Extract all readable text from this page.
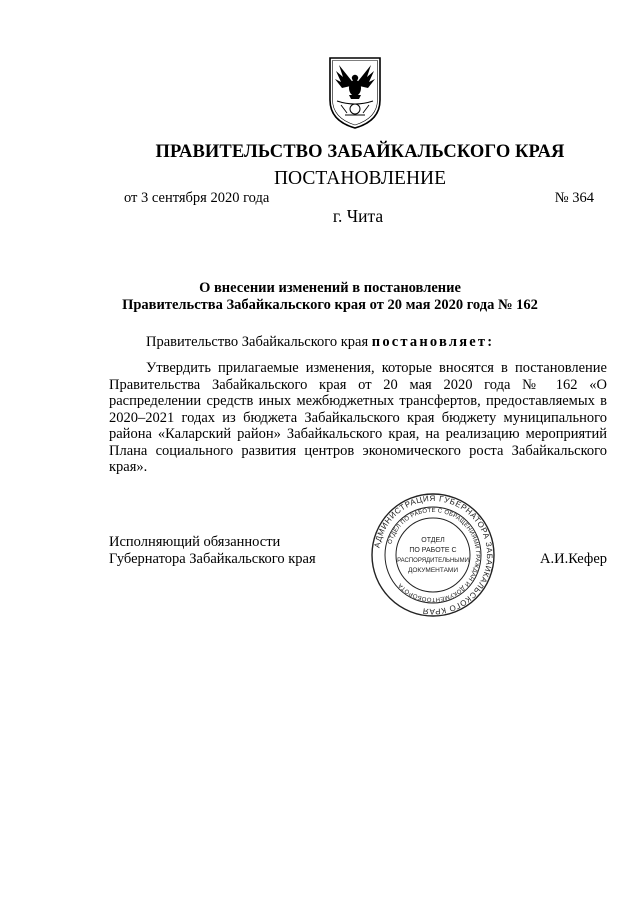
ПРАВИТЕЛЬСТВО ЗАБАЙКАЛЬСКОГО КРАЯ
ПОСТАНОВЛЕНИЕ
от 3 сентября 2020 года	№ 364
г. Чита
О внесении изменений в постановление
Правительства Забайкальского края от 20 мая 2020 года № 162
Правительство Забайкальского края постановляет:
Утвердить прилагаемые изменения, которые вносятся в постановление Правительства Забайкальского края от 20 мая 2020 года № 162 «О распределении средств иных межбюджетных трансфертов, предоставляемых в 2020–2021 годах из бюджета Забайкальского края бюджету муниципального района «Каларский район» Забайкальского края, на реализацию мероприятий Плана социального развития центров экономического роста Забайкальского края».
Исполняющий обязанности
Губернатора Забайкальского края	А.И.Кефер
АДМИНИСТРАЦИЯ ГУБЕРНАТОРА ЗАБАЙКАЛЬСКОГО КРАЯ
ОТДЕЛ ПО РАБОТЕ С ОБРАЩЕНИЯМИ ГРАЖДАН И ДОКУМЕНТООБОРОТА
ОТДЕЛ
ПО РАБОТЕ С
РАСПОРЯДИТЕЛЬНЫМИ
ДОКУМЕНТАМИ
